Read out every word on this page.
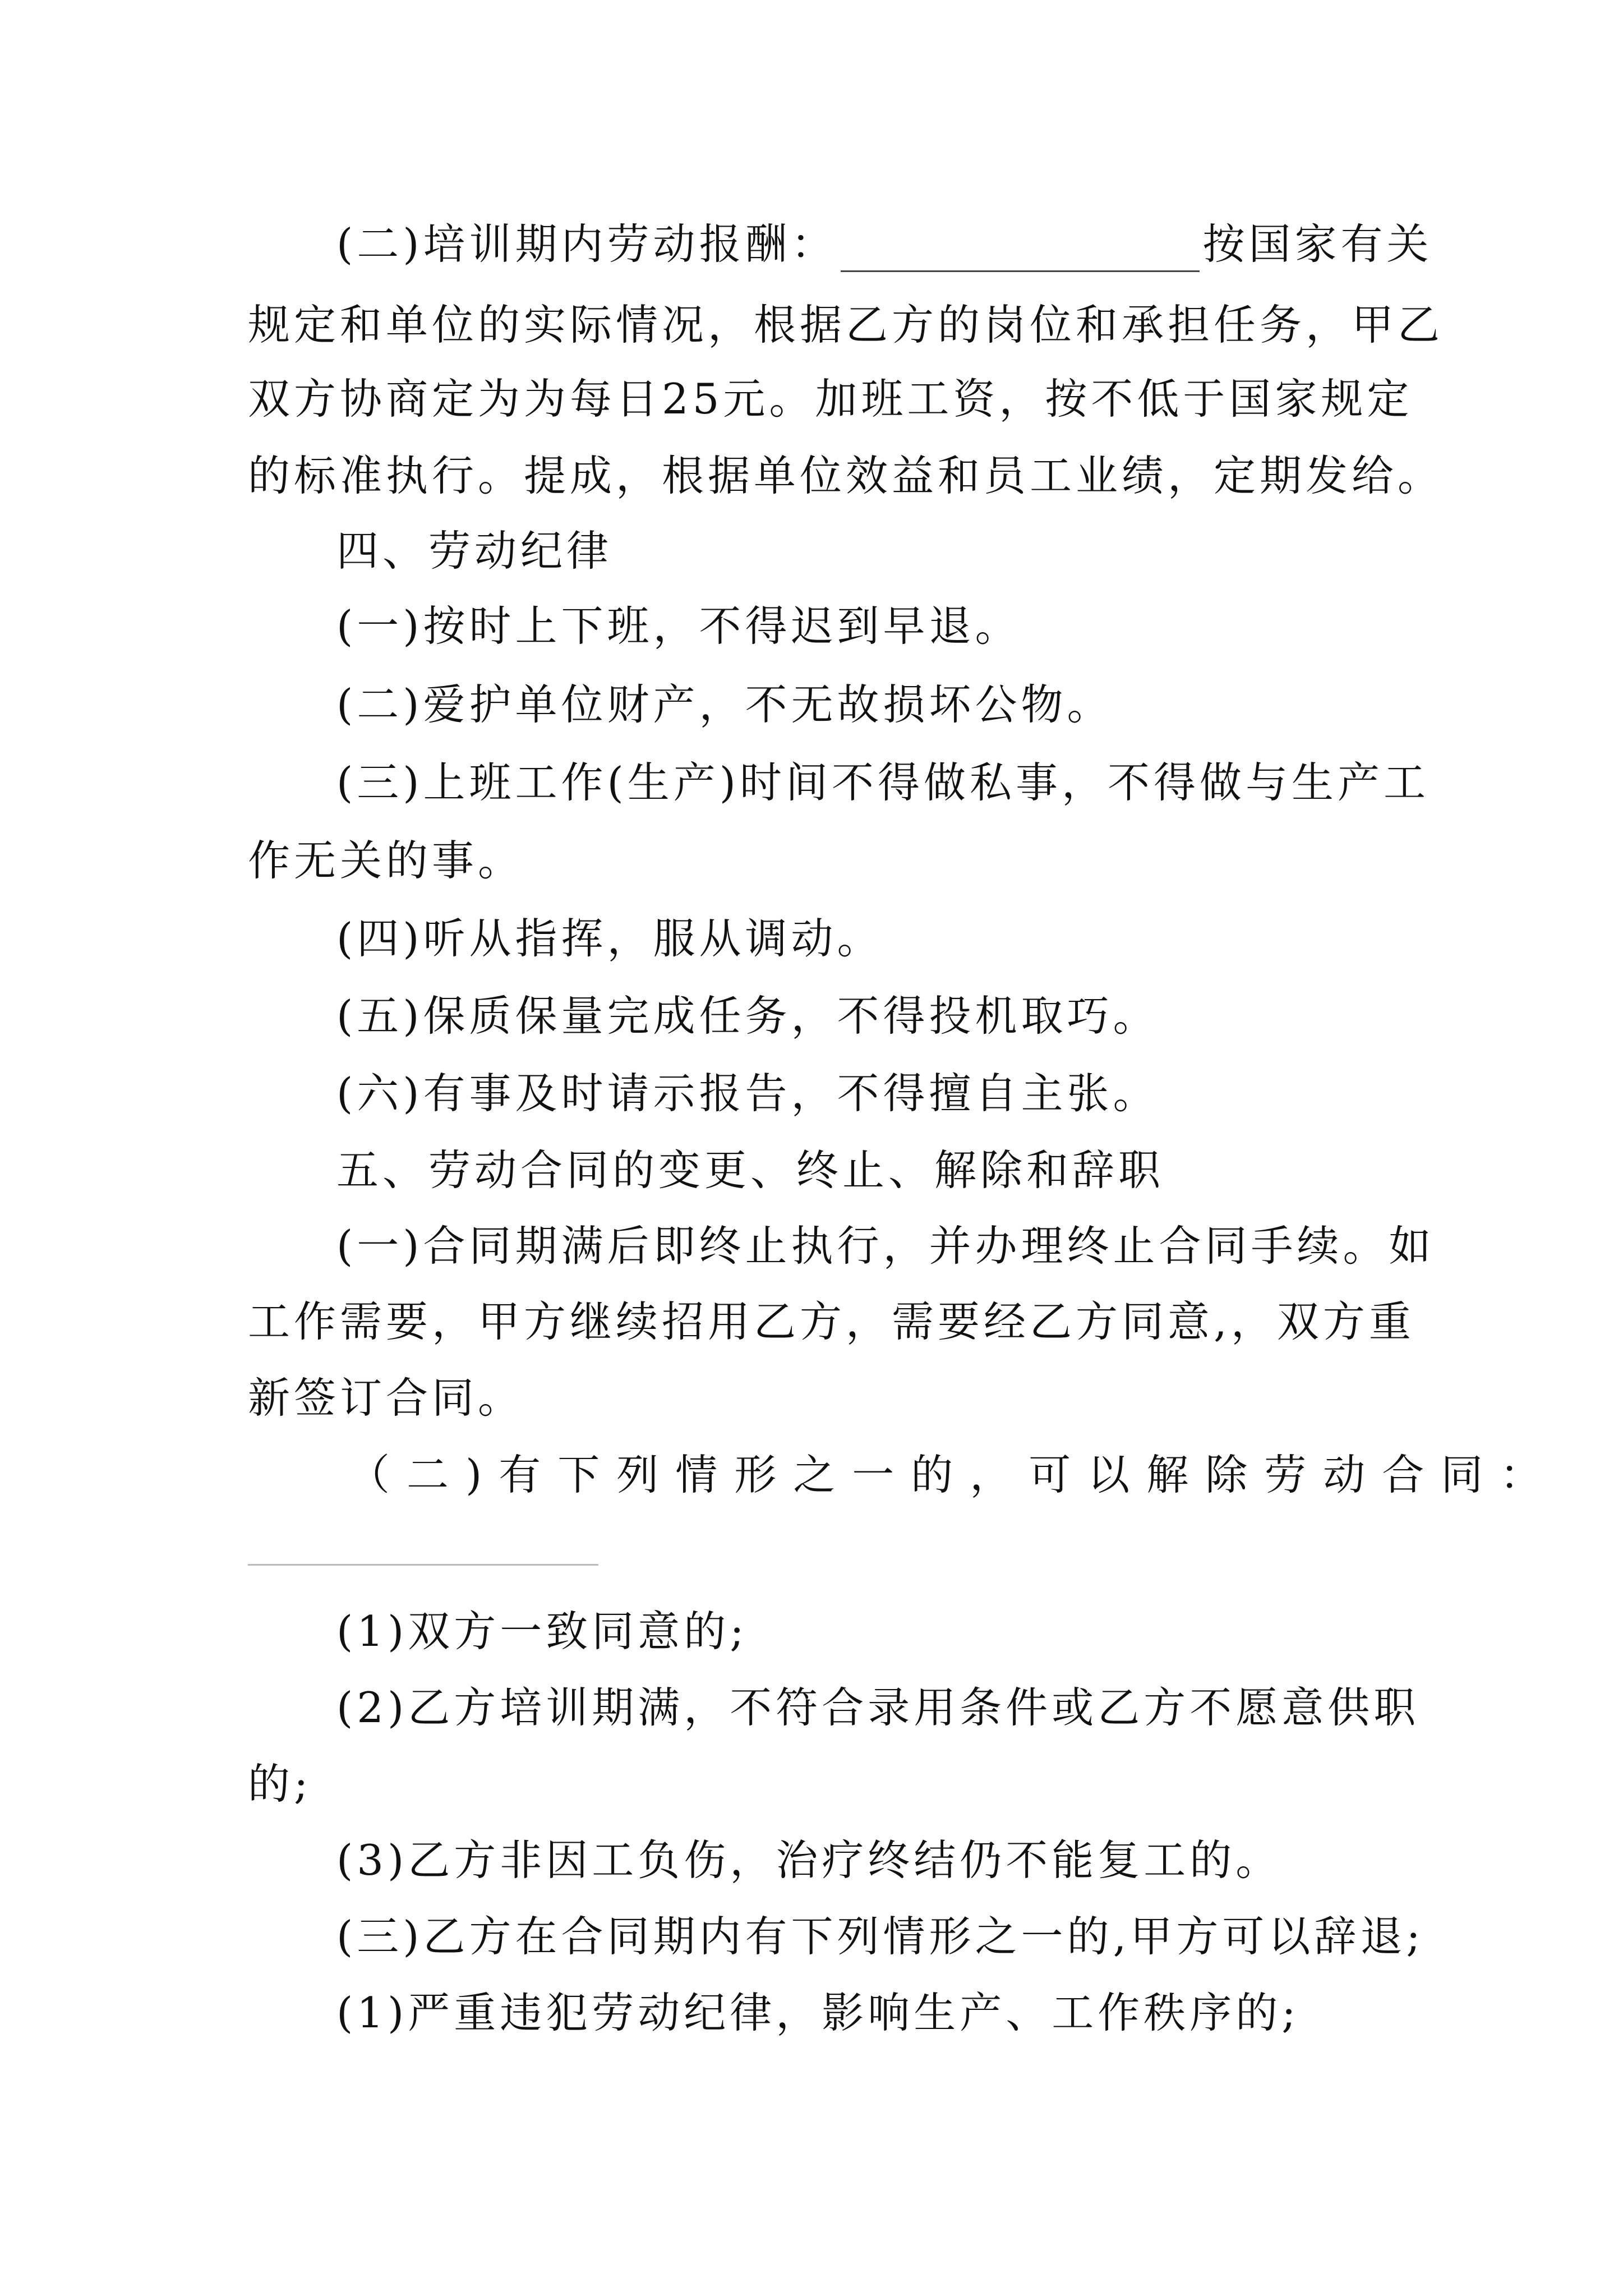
(二)培训期内劳动报酬：	按国家有关
规定和单位的实际情况，根据乙方的岗位和承担任务，甲乙
双方协商定为为每日25元。加班工资，按不低于国家规定
的标准执行。提成，根据单位效益和员工业绩，定期发给。
四、劳动纪律
(一)按时上下班，不得迟到早退。
(二)爱护单位财产，不无故损坏公物。
(三)上班工作(生产)时间不得做私事，不得做与生产工
作无关的事。
(四)听从指挥，服从调动。
(五)保质保量完成任务，不得投机取巧。
(六)有事及时请示报告，不得擅自主张。
五、劳动合同的变更、终止、解除和辞职
(一)合同期满后即终止执行，并办理终止合同手续。如
工作需要，甲方继续招用乙方，需要经乙方同意,，双方重
新签订合同。
（二)有下列情形之一的，可以解除劳动合同：
(1)双方一致同意的;
(2)乙方培训期满，不符合录用条件或乙方不愿意供职
的;
(3)乙方非因工负伤，治疗终结仍不能复工的。
(三)乙方在合同期内有下列情形之一的,甲方可以辞退;
(1)严重违犯劳动纪律，影响生产、工作秩序的;
